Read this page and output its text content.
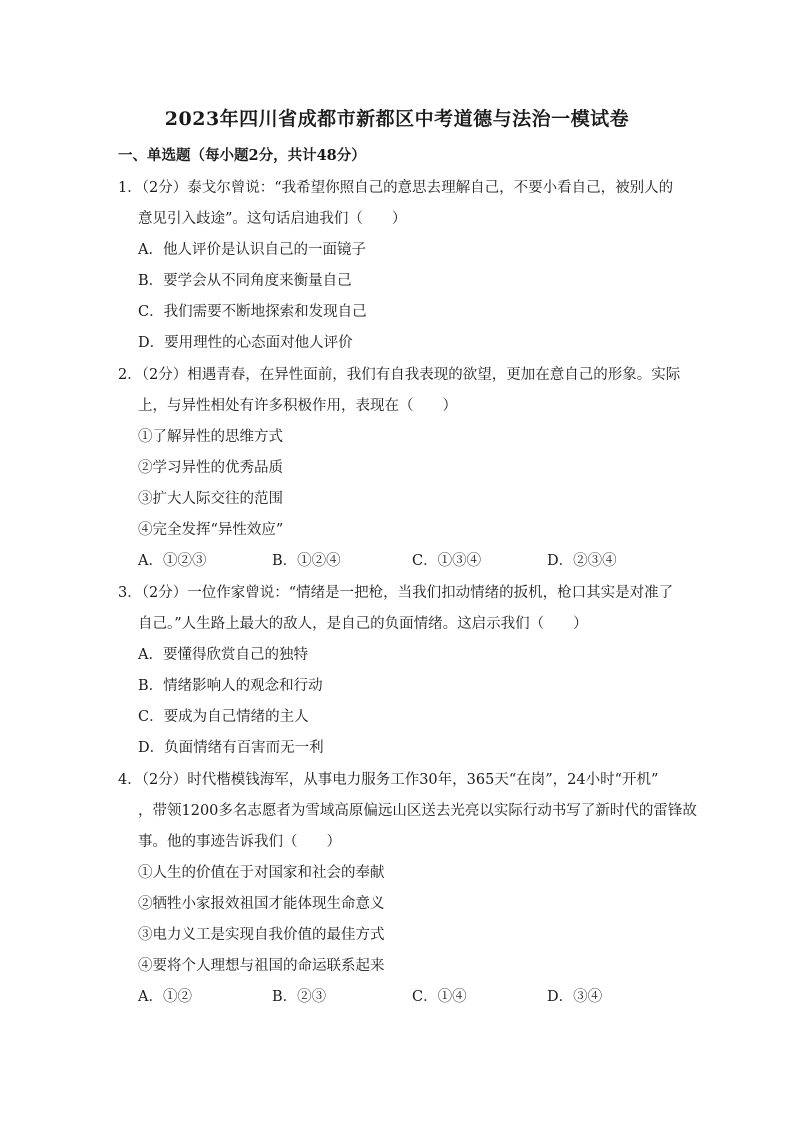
2023年四川省成都市新都区中考道德与法治一模试卷
一、单选题（每小题2分，共计48分）
1．（2分）泰戈尔曾说：“我希望你照自己的意思去理解自己，不要小看自己，被别人的
意见引入歧途”。这句话启迪我们（　　）
A．他人评价是认识自己的一面镜子
B．要学会从不同角度来衡量自己
C．我们需要不断地探索和发现自己
D．要用理性的心态面对他人评价
2．（2分）相遇青春，在异性面前，我们有自我表现的欲望，更加在意自己的形象。实际
上，与异性相处有许多积极作用，表现在（　　）
①了解异性的思维方式
②学习异性的优秀品质
③扩大人际交往的范围
④完全发挥“异性效应”
A．①②③	B．①②④	C．①③④	D．②③④
3．（2分）一位作家曾说：“情绪是一把枪，当我们扣动情绪的扳机，枪口其实是对准了
自己。”人生路上最大的敌人，是自己的负面情绪。这启示我们（　　）
A．要懂得欣赏自己的独特
B．情绪影响人的观念和行动
C．要成为自己情绪的主人
D．负面情绪有百害而无一利
4．（2分）时代楷模钱海军，从事电力服务工作30年，365天“在岗”，24小时“开机”
，带领1200多名志愿者为雪域高原偏远山区送去光亮以实际行动书写了新时代的雷锋故
事。他的事迹告诉我们（　　）
①人生的价值在于对国家和社会的奉献
②牺牲小家报效祖国才能体现生命意义
③电力义工是实现自我价值的最佳方式
④要将个人理想与祖国的命运联系起来
A．①②	B．②③	C．①④	D．③④
